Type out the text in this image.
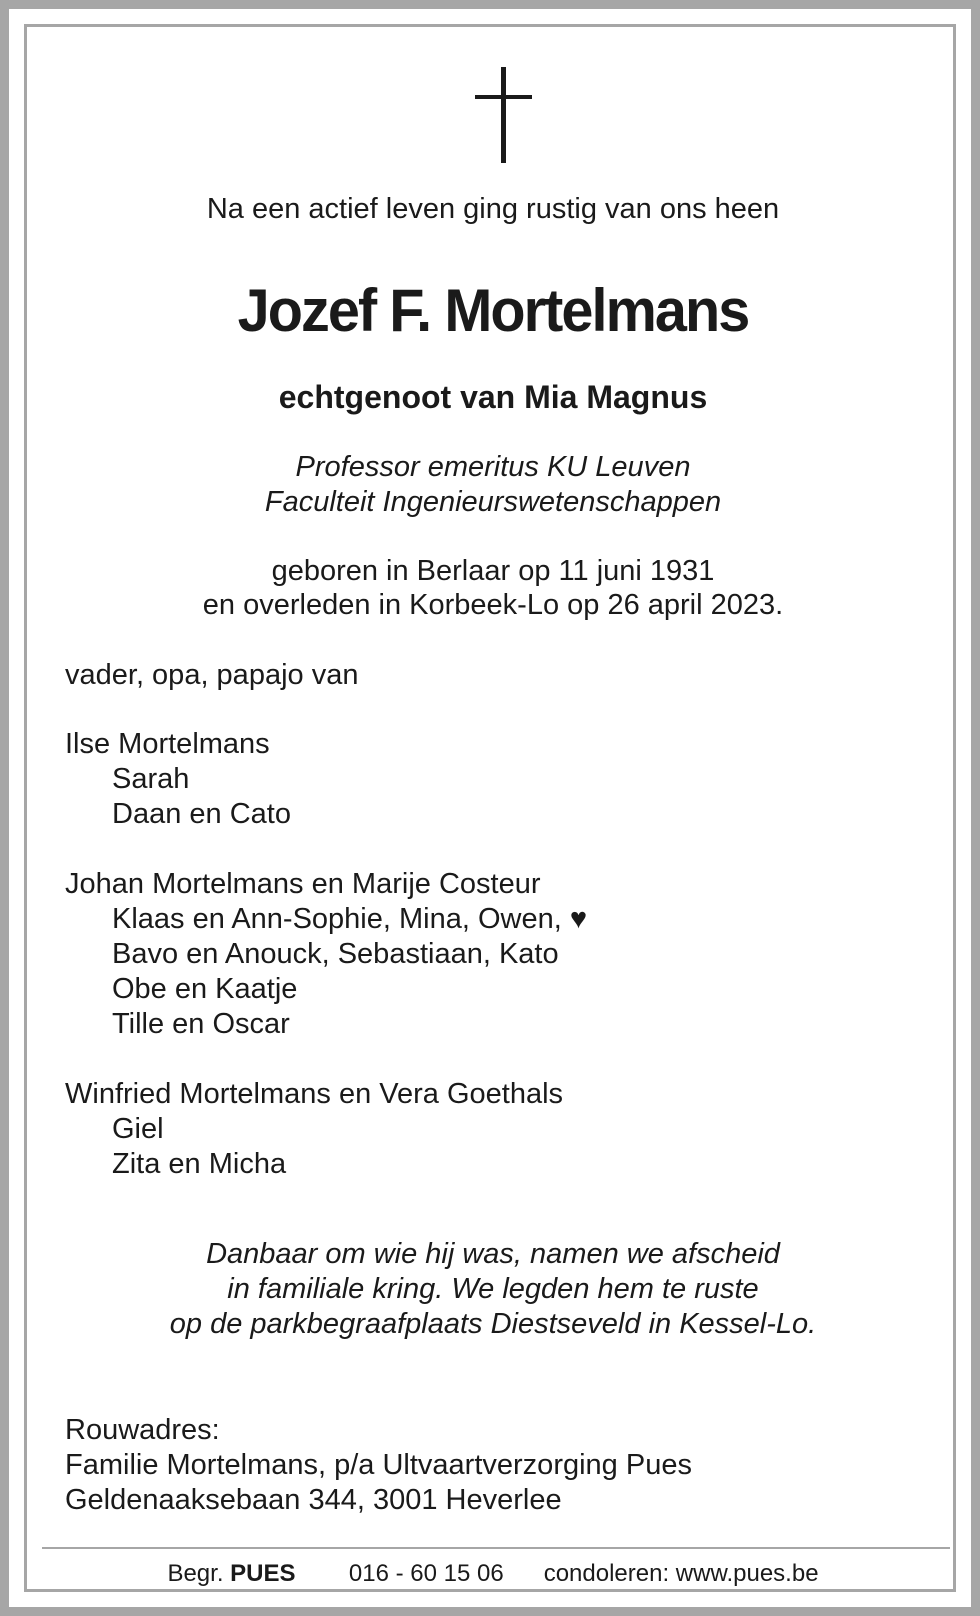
Na een actief leven ging rustig van ons heen
Jozef F. Mortelmans
echtgenoot van Mia Magnus
Professor emeritus KU Leuven
Faculteit Ingenieurswetenschappen
geboren in Berlaar op 11 juni 1931
en overleden in Korbeek-Lo op 26 april 2023.
vader, opa, papajo van
Ilse Mortelmans
Sarah
Daan en Cato
Johan Mortelmans en Marije Costeur
Klaas en Ann-Sophie, Mina, Owen, ♥
Bavo en Anouck, Sebastiaan, Kato
Obe en Kaatje
Tille en Oscar
Winfried Mortelmans en Vera Goethals
Giel
Zita en Micha
Danbaar om wie hij was, namen we afscheid
in familiale kring. We legden hem te ruste
op de parkbegraafplaats Diestseveld in Kessel-Lo.
Rouwadres:
Familie Mortelmans, p/a Ultvaartverzorging Pues
Geldenaaksebaan 344, 3001 Heverlee
Begr. PUES 016 - 60 15 06 condoleren: www.pues.be
